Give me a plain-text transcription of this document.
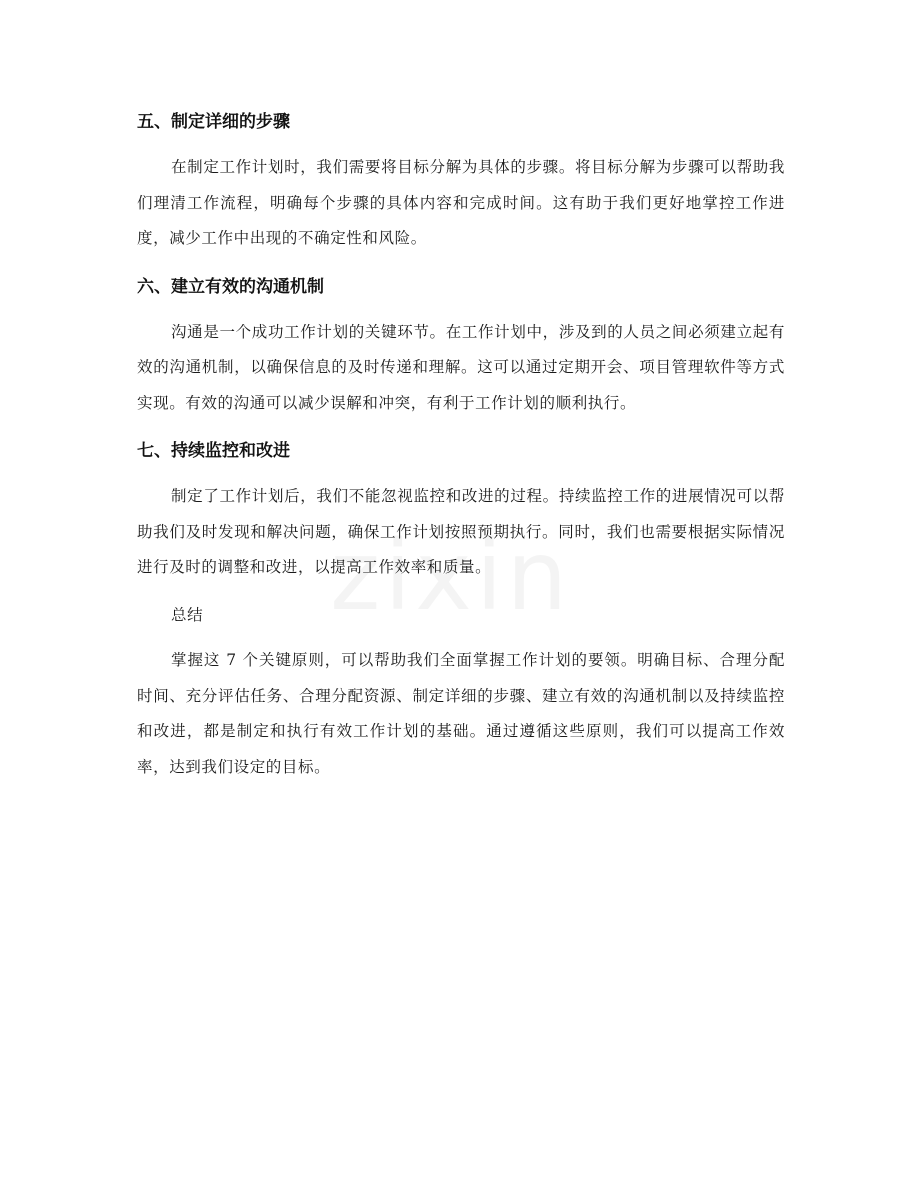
五、制定详细的步骤

在制定工作计划时，我们需要将目标分解为具体的步骤。将目标分解为步骤可以帮助我们理清工作流程，明确每个步骤的具体内容和完成时间。这有助于我们更好地掌控工作进度，减少工作中出现的不确定性和风险。

六、建立有效的沟通机制

沟通是一个成功工作计划的关键环节。在工作计划中，涉及到的人员之间必须建立起有效的沟通机制，以确保信息的及时传递和理解。这可以通过定期开会、项目管理软件等方式实现。有效的沟通可以减少误解和冲突，有利于工作计划的顺利执行。

七、持续监控和改进

制定了工作计划后，我们不能忽视监控和改进的过程。持续监控工作的进展情况可以帮助我们及时发现和解决问题，确保工作计划按照预期执行。同时，我们也需要根据实际情况进行及时的调整和改进，以提高工作效率和质量。

总结

掌握这 7 个关键原则，可以帮助我们全面掌握工作计划的要领。明确目标、合理分配时间、充分评估任务、合理分配资源、制定详细的步骤、建立有效的沟通机制以及持续监控和改进，都是制定和执行有效工作计划的基础。通过遵循这些原则，我们可以提高工作效率，达到我们设定的目标。
